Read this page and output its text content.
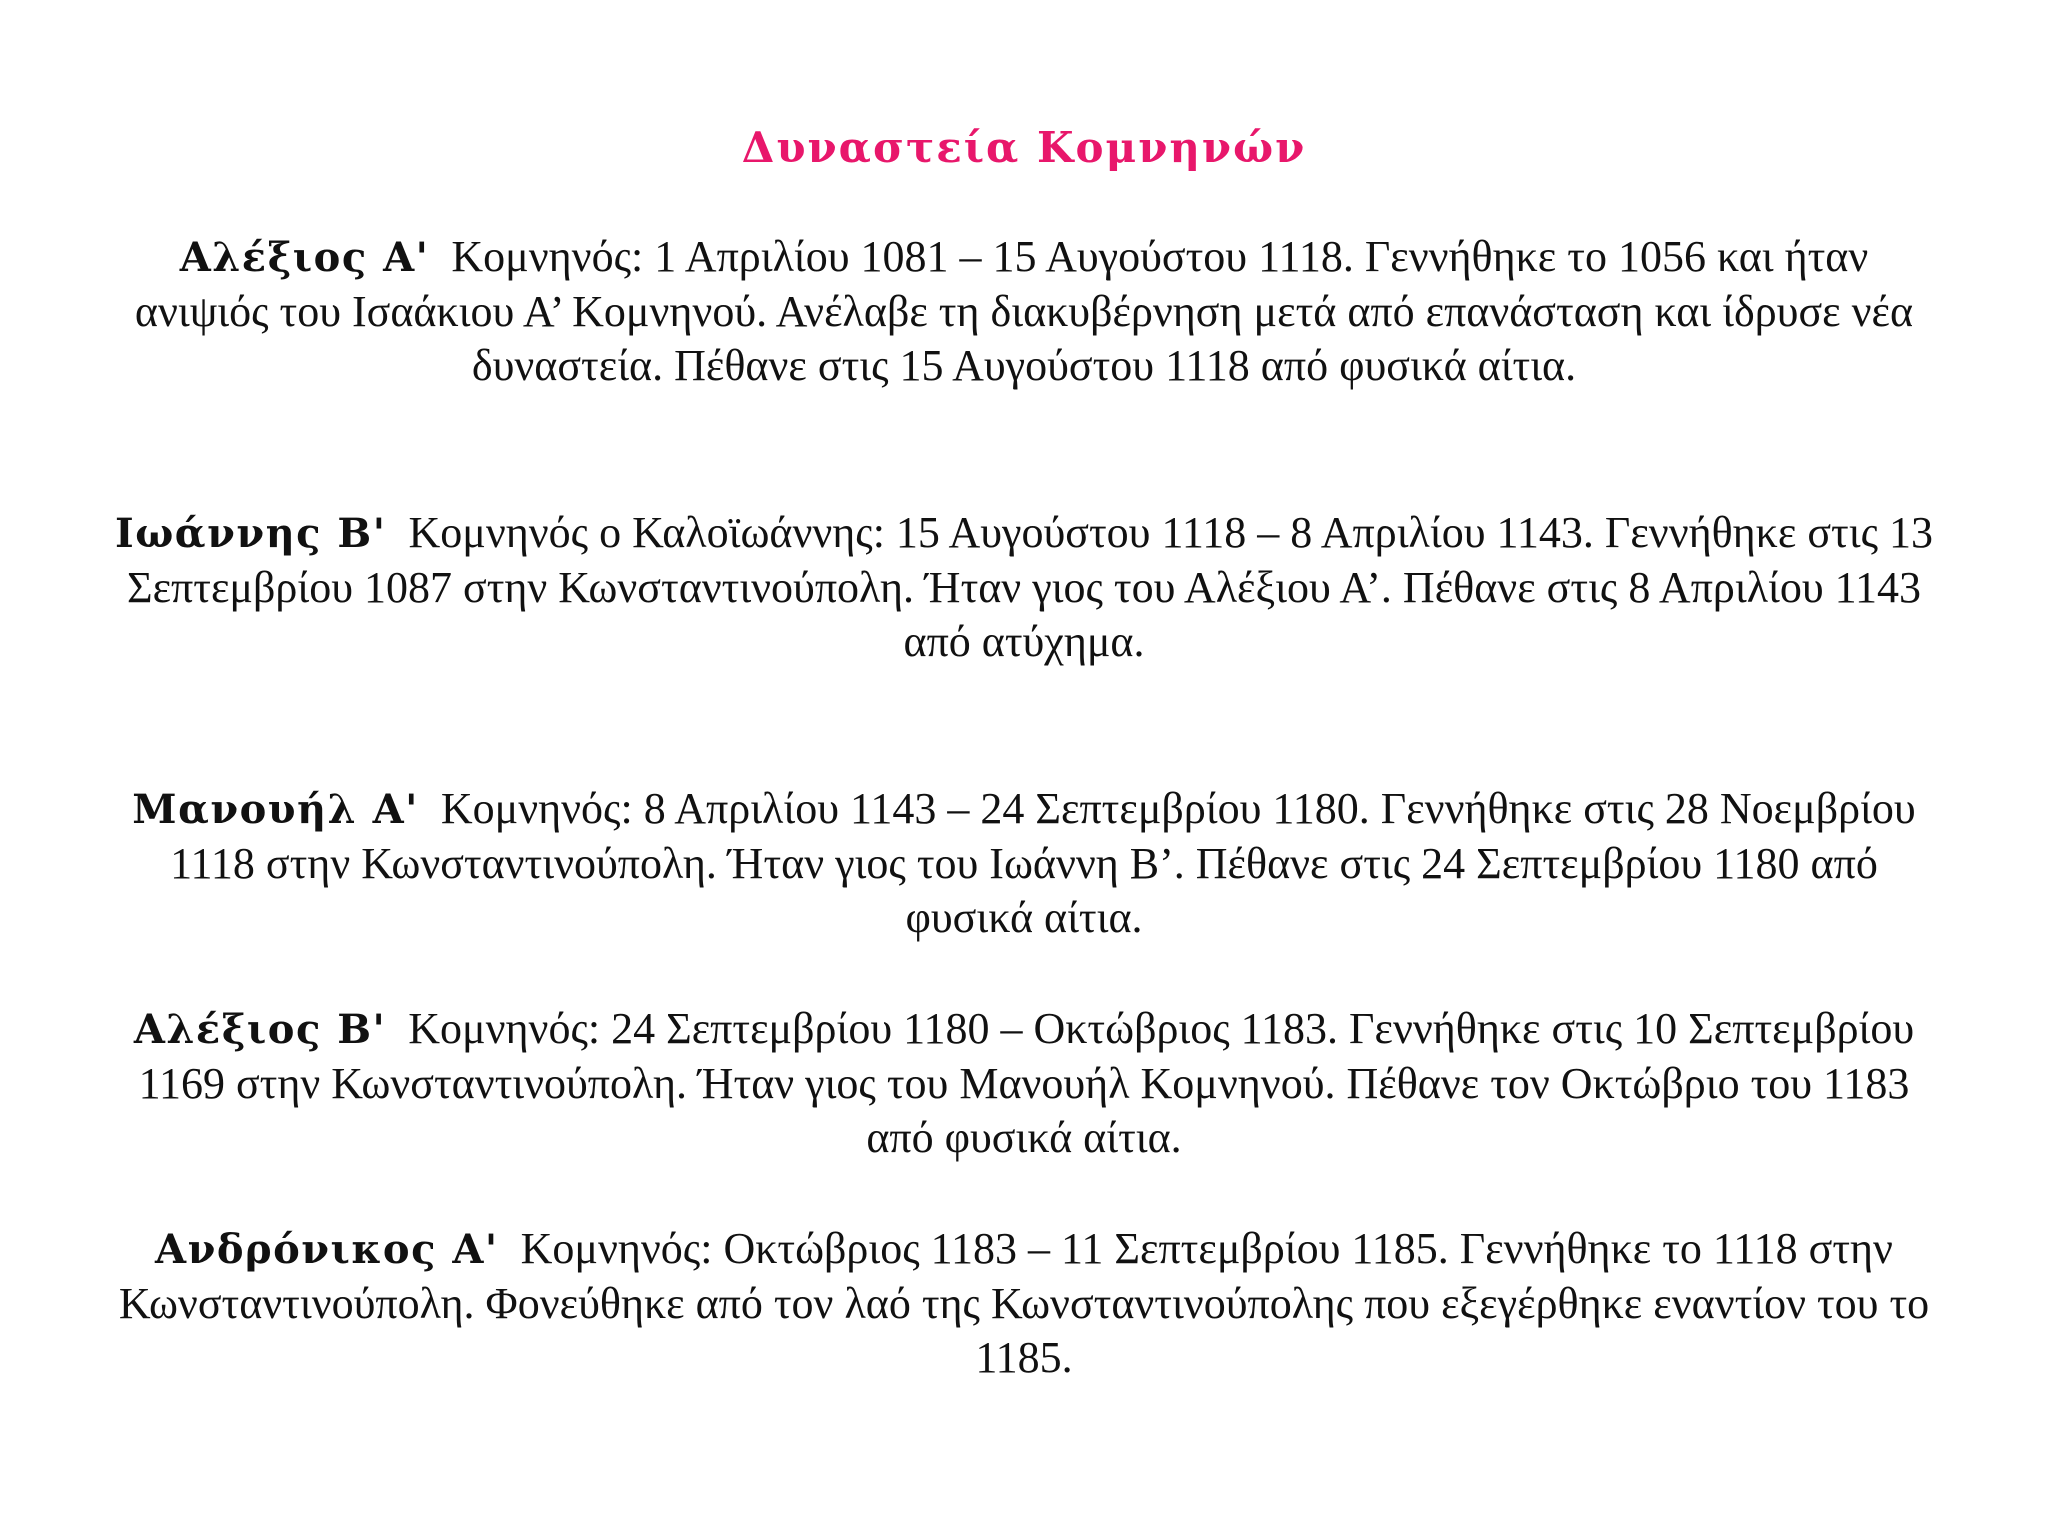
Δυναστεία Κομνηνών

Αλέξιος Α' Κομνηνός: 1 Απριλίου 1081 – 15 Αυγούστου 1118. Γεννήθηκε το 1056 και ήταν ανιψιός του Ισαάκιου Α’ Κομνηνού. Ανέλαβε τη διακυβέρνηση μετά από επανάσταση και ίδρυσε νέα δυναστεία. Πέθανε στις 15 Αυγούστου 1118 από φυσικά αίτια.

Ιωάννης Β' Κομνηνός ο Καλοϊωάννης: 15 Αυγούστου 1118 – 8 Απριλίου 1143. Γεννήθηκε στις 13 Σεπτεμβρίου 1087 στην Κωνσταντινούπολη. Ήταν γιος του Αλέξιου Α’. Πέθανε στις 8 Απριλίου 1143 από ατύχημα.

Μανουήλ Α' Κομνηνός: 8 Απριλίου 1143 – 24 Σεπτεμβρίου 1180. Γεννήθηκε στις 28 Νοεμβρίου 1118 στην Κωνσταντινούπολη. Ήταν γιος του Ιωάννη Β’. Πέθανε στις 24 Σεπτεμβρίου 1180 από φυσικά αίτια.

Αλέξιος Β' Κομνηνός: 24 Σεπτεμβρίου 1180 – Οκτώβριος 1183. Γεννήθηκε στις 10 Σεπτεμβρίου 1169 στην Κωνσταντινούπολη. Ήταν γιος του Μανουήλ Κομνηνού. Πέθανε τον Οκτώβριο του 1183 από φυσικά αίτια.

Ανδρόνικος Α' Κομνηνός: Οκτώβριος 1183 – 11 Σεπτεμβρίου 1185. Γεννήθηκε το 1118 στην Κωνσταντινούπολη. Φονεύθηκε από τον λαό της Κωνσταντινούπολης που εξεγέρθηκε εναντίον του το 1185.
